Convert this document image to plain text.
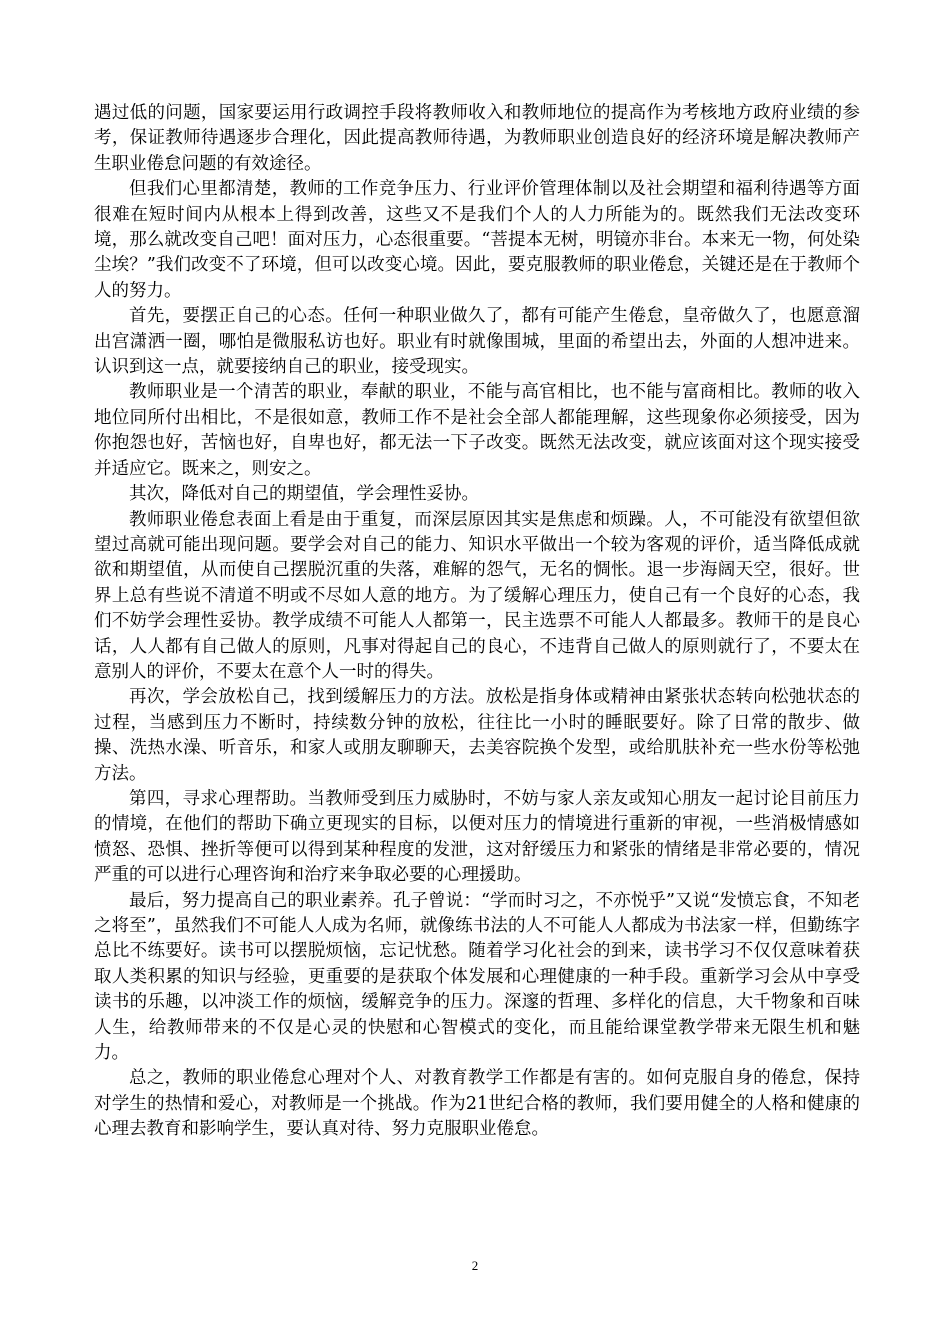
遇过低的问题，国家要运用行政调控手段将教师收入和教师地位的提高作为考核地方政府业绩的参考，保证教师待遇逐步合理化，因此提高教师待遇，为教师职业创造良好的经济环境是解决教师产生职业倦怠问题的有效途径。

但我们心里都清楚，教师的工作竞争压力、行业评价管理体制以及社会期望和福利待遇等方面很难在短时间内从根本上得到改善，这些又不是我们个人的人力所能为的。既然我们无法改变环境，那么就改变自己吧！面对压力，心态很重要。“菩提本无树，明镜亦非台。本来无一物，何处染尘埃？”我们改变不了环境，但可以改变心境。因此，要克服教师的职业倦怠，关键还是在于教师个人的努力。

首先，要摆正自己的心态。任何一种职业做久了，都有可能产生倦怠，皇帝做久了，也愿意溜出宫潇洒一圈，哪怕是微服私访也好。职业有时就像围城，里面的希望出去，外面的人想冲进来。认识到这一点，就要接纳自己的职业，接受现实。

教师职业是一个清苦的职业，奉献的职业，不能与高官相比，也不能与富商相比。教师的收入地位同所付出相比，不是很如意，教师工作不是社会全部人都能理解，这些现象你必须接受，因为你抱怨也好，苦恼也好，自卑也好，都无法一下子改变。既然无法改变，就应该面对这个现实接受并适应它。既来之，则安之。

其次，降低对自己的期望值，学会理性妥协。

教师职业倦怠表面上看是由于重复，而深层原因其实是焦虑和烦躁。人，不可能没有欲望但欲望过高就可能出现问题。要学会对自己的能力、知识水平做出一个较为客观的评价，适当降低成就欲和期望值，从而使自己摆脱沉重的失落，难解的怨气，无名的惆怅。退一步海阔天空，很好。世界上总有些说不清道不明或不尽如人意的地方。为了缓解心理压力，使自己有一个良好的心态，我们不妨学会理性妥协。教学成绩不可能人人都第一，民主选票不可能人人都最多。教师干的是良心话，人人都有自己做人的原则，凡事对得起自己的良心，不违背自己做人的原则就行了，不要太在意别人的评价，不要太在意个人一时的得失。

再次，学会放松自己，找到缓解压力的方法。放松是指身体或精神由紧张状态转向松弛状态的过程，当感到压力不断时，持续数分钟的放松，往往比一小时的睡眠要好。除了日常的散步、做操、洗热水澡、听音乐，和家人或朋友聊聊天，去美容院换个发型，或给肌肤补充一些水份等松弛方法。

第四，寻求心理帮助。当教师受到压力威胁时，不妨与家人亲友或知心朋友一起讨论目前压力的情境，在他们的帮助下确立更现实的目标，以便对压力的情境进行重新的审视，一些消极情感如愤怒、恐惧、挫折等便可以得到某种程度的发泄，这对舒缓压力和紧张的情绪是非常必要的，情况严重的可以进行心理咨询和治疗来争取必要的心理援助。

最后，努力提高自己的职业素养。孔子曾说：“学而时习之，不亦悦乎”又说“发愤忘食，不知老之将至”，虽然我们不可能人人成为名师，就像练书法的人不可能人人都成为书法家一样，但勤练字总比不练要好。读书可以摆脱烦恼，忘记忧愁。随着学习化社会的到来，读书学习不仅仅意味着获取人类积累的知识与经验，更重要的是获取个体发展和心理健康的一种手段。重新学习会从中享受读书的乐趣，以冲淡工作的烦恼，缓解竞争的压力。深邃的哲理、多样化的信息，大千物象和百味人生，给教师带来的不仅是心灵的快慰和心智模式的变化，而且能给课堂教学带来无限生机和魅力。

总之，教师的职业倦怠心理对个人、对教育教学工作都是有害的。如何克服自身的倦怠，保持对学生的热情和爱心，对教师是一个挑战。作为21世纪合格的教师，我们要用健全的人格和健康的心理去教育和影响学生，要认真对待、努力克服职业倦怠。

2
